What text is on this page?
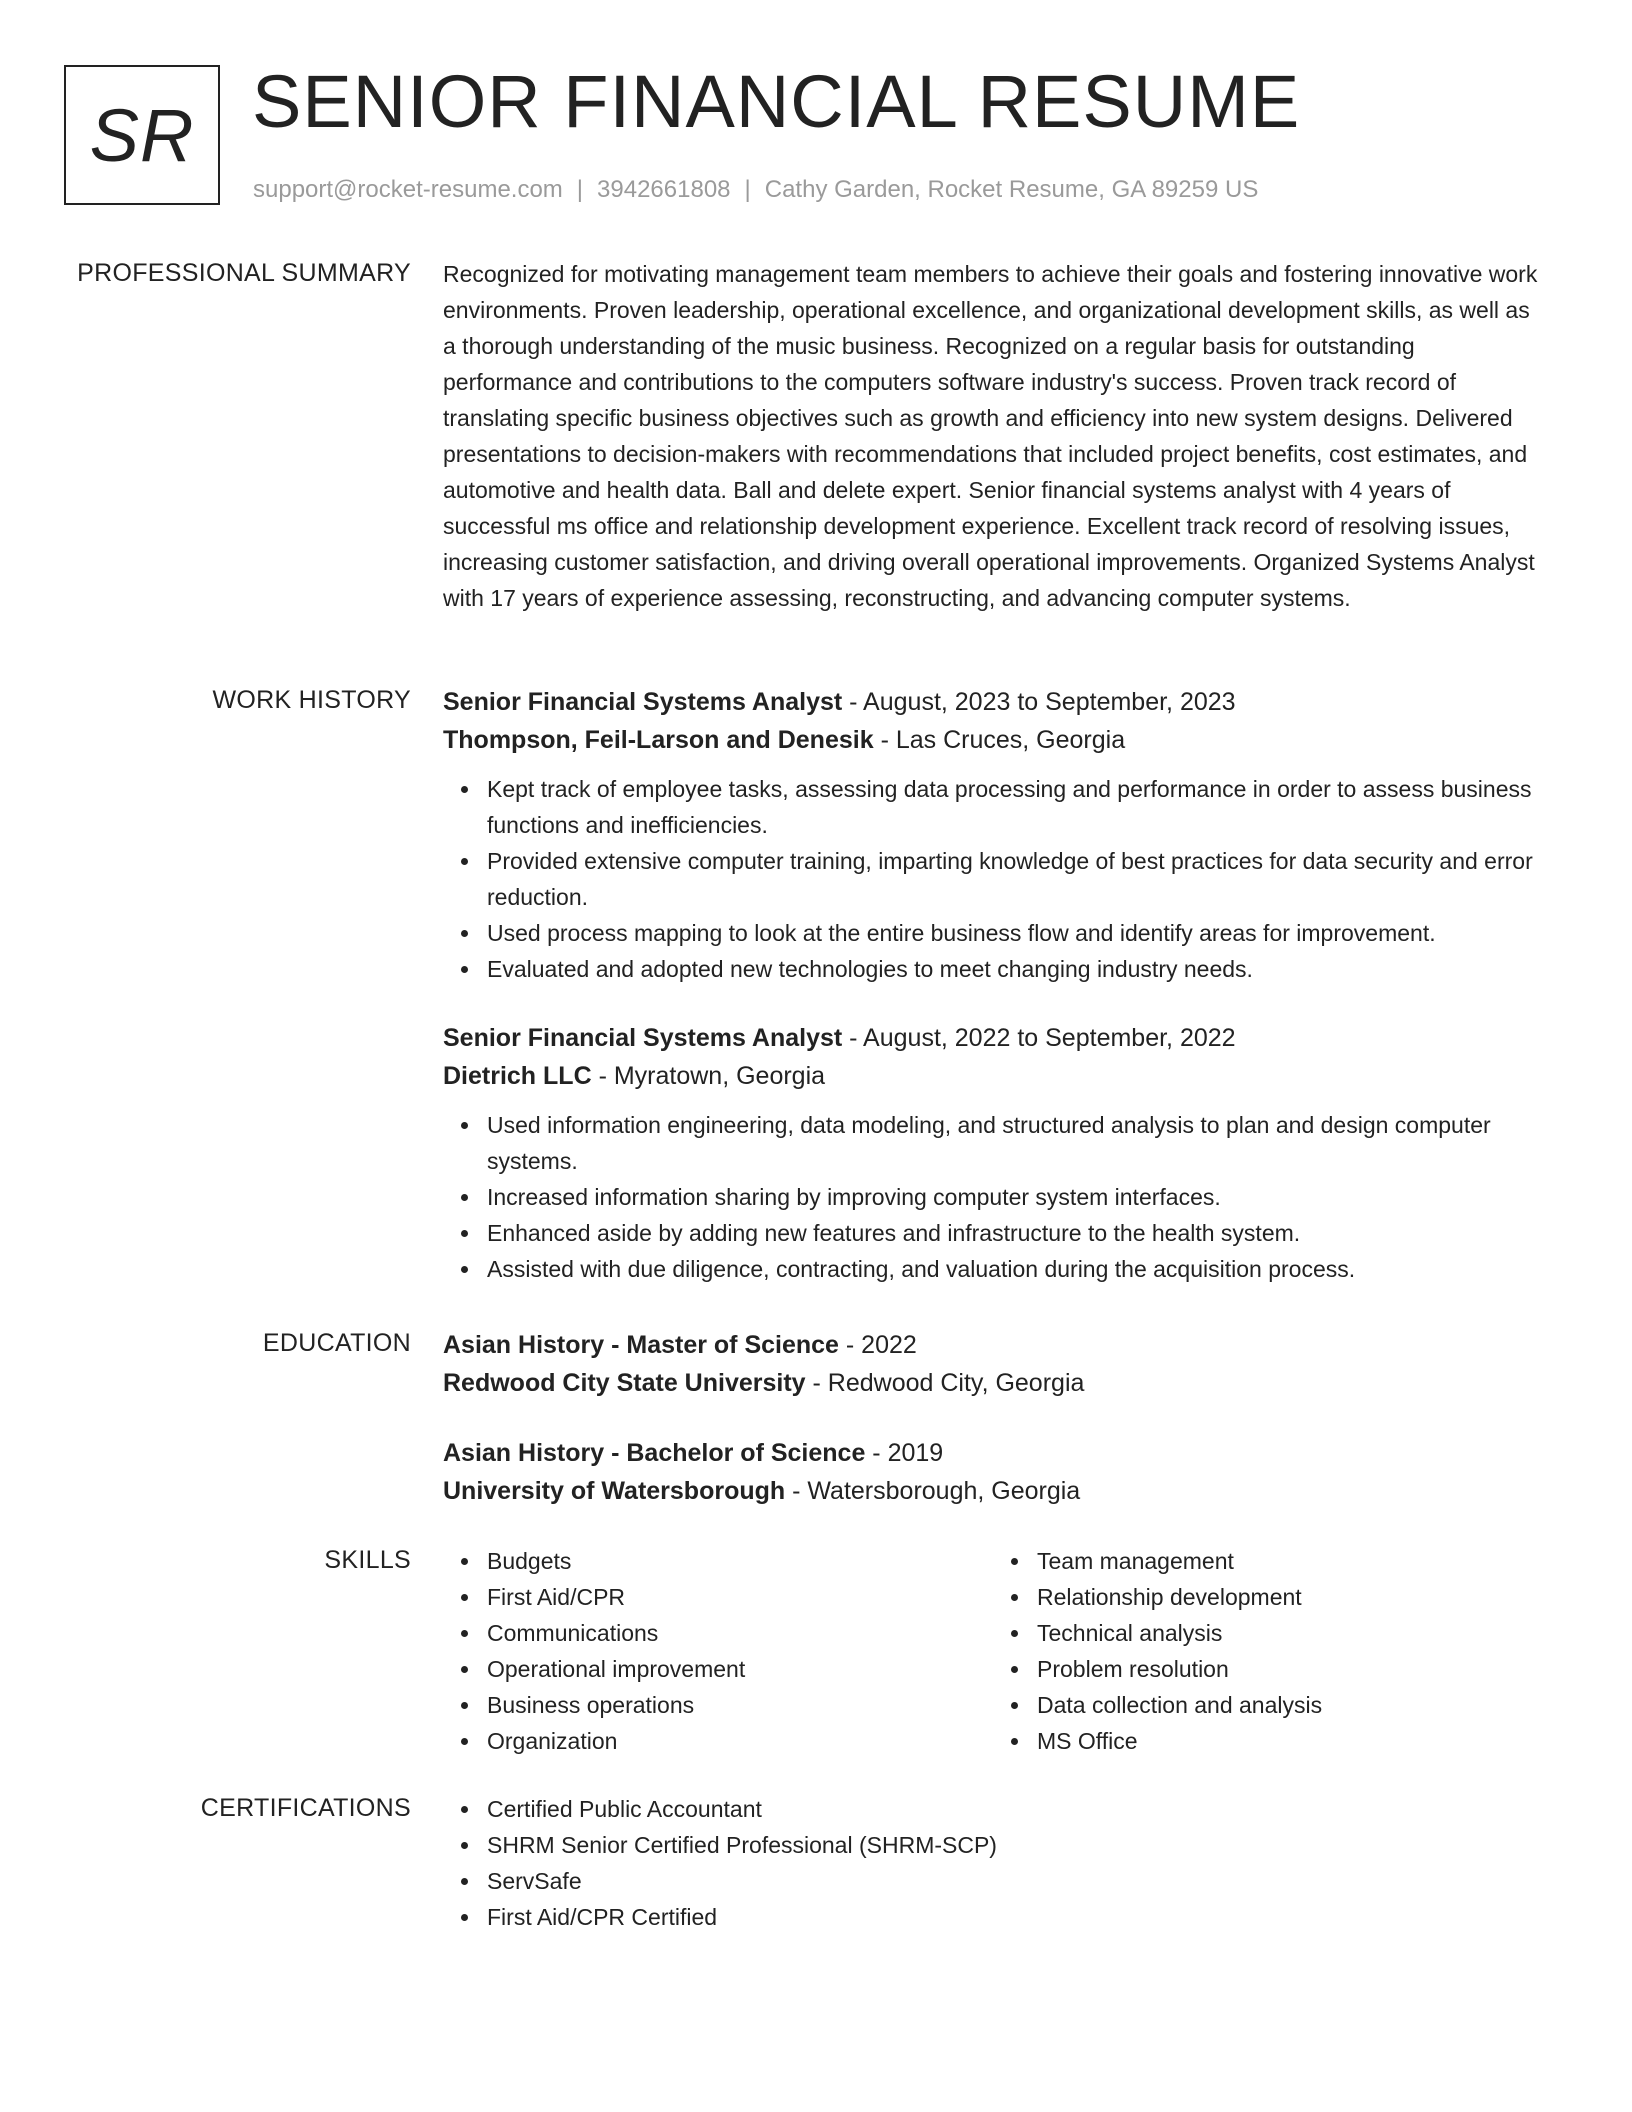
SR SENIOR FINANCIAL RESUME
support@rocket-resume.com | 3942661808 | Cathy Garden, Rocket Resume, GA 89259 US
PROFESSIONAL SUMMARY Recognized for motivating management team members to achieve their goals and fostering innovative work environments. Proven leadership, operational excellence, and organizational development skills, as well as a thorough understanding of the music business. Recognized on a regular basis for outstanding performance and contributions to the computers software industry's success. Proven track record of translating specific business objectives such as growth and efficiency into new system designs. Delivered presentations to decision-makers with recommendations that included project benefits, cost estimates, and automotive and health data. Ball and delete expert. Senior financial systems analyst with 4 years of successful ms office and relationship development experience. Excellent track record of resolving issues, increasing customer satisfaction, and driving overall operational improvements. Organized Systems Analyst with 17 years of experience assessing, reconstructing, and advancing computer systems.

WORK HISTORY Senior Financial Systems Analyst - August, 2023 to September, 2023
Thompson, Feil-Larson and Denesik - Las Cruces, Georgia
Kept track of employee tasks, assessing data processing and performance in order to assess business functions and inefficiencies.
Provided extensive computer training, imparting knowledge of best practices for data security and error reduction.
Used process mapping to look at the entire business flow and identify areas for improvement.
Evaluated and adopted new technologies to meet changing industry needs.
Senior Financial Systems Analyst - August, 2022 to September, 2022
Dietrich LLC - Myratown, Georgia
Used information engineering, data modeling, and structured analysis to plan and design computer systems.
Increased information sharing by improving computer system interfaces.
Enhanced aside by adding new features and infrastructure to the health system.
Assisted with due diligence, contracting, and valuation during the acquisition process.
EDUCATION Asian History - Master of Science - 2022
Redwood City State University - Redwood City, Georgia
Asian History - Bachelor of Science - 2019
University of Watersborough - Watersborough, Georgia
SKILLS	Budgets
First Aid/CPR
Communications
Operational improvement
Business operations
Organization
Team management
Relationship development
Technical analysis
Problem resolution
Data collection and analysis
MS Office
CERTIFICATIONS	Certified Public Accountant
SHRM Senior Certified Professional (SHRM-SCP)
ServSafe
First Aid/CPR Certified
